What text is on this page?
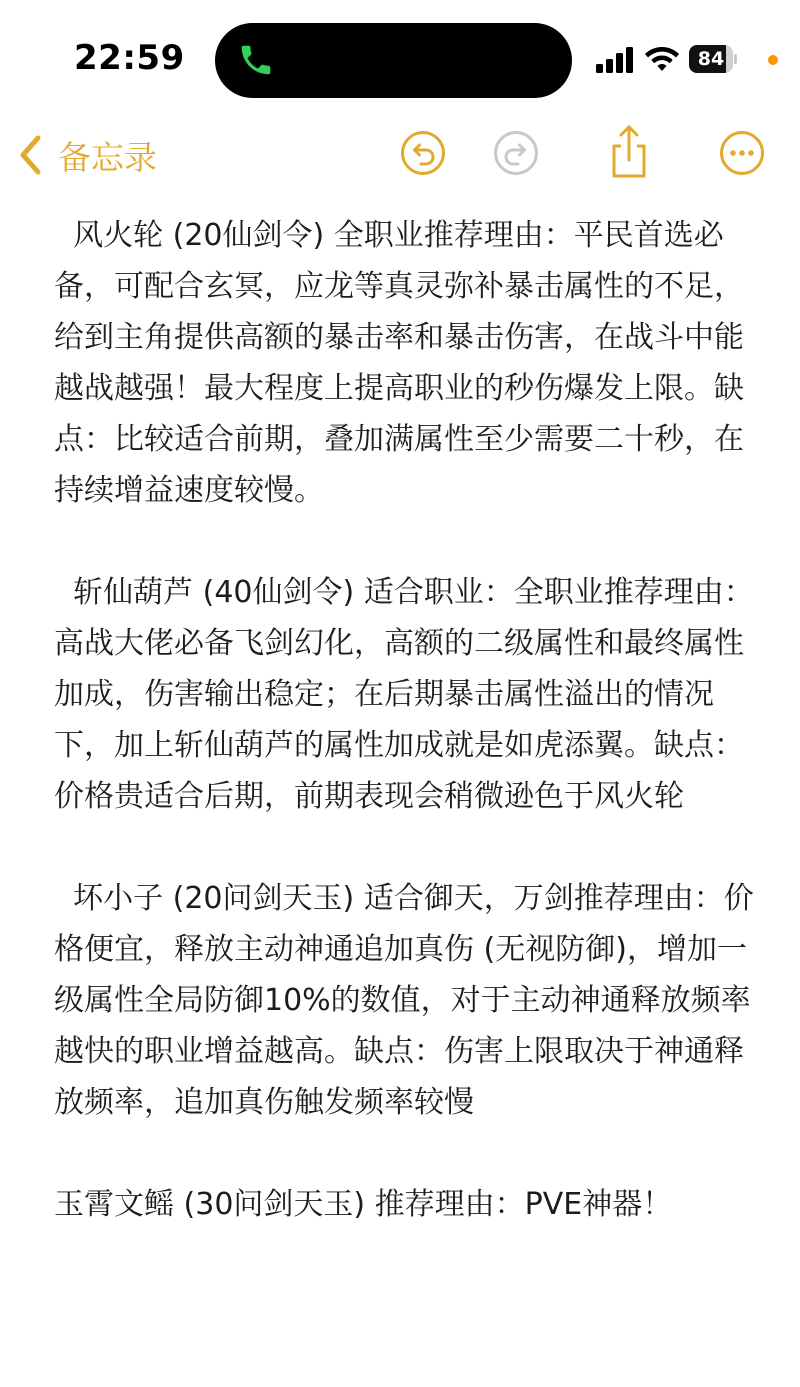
22:59	84
备忘录

风火轮 (20仙剑令) 全职业推荐理由：平民首选必备，可配合玄冥，应龙等真灵弥补暴击属性的不足，给到主角提供高额的暴击率和暴击伤害，在战斗中能越战越强！最大程度上提高职业的秒伤爆发上限。缺点：比较适合前期，叠加满属性至少需要二十秒，在持续增益速度较慢。

斩仙葫芦 (40仙剑令) 适合职业：全职业推荐理由：高战大佬必备飞剑幻化，高额的二级属性和最终属性加成，伤害输出稳定；在后期暴击属性溢出的情况下，加上斩仙葫芦的属性加成就是如虎添翼。缺点：价格贵适合后期，前期表现会稍微逊色于风火轮

坏小子 (20问剑天玉) 适合御天，万剑推荐理由：价格便宜，释放主动神通追加真伤 (无视防御)，增加一级属性全局防御10%的数值，对于主动神通释放频率越快的职业增益越高。缺点：伤害上限取决于神通释放频率，追加真伤触发频率较慢

玉霄文鳐 (30问剑天玉) 推荐理由：PVE神器！
